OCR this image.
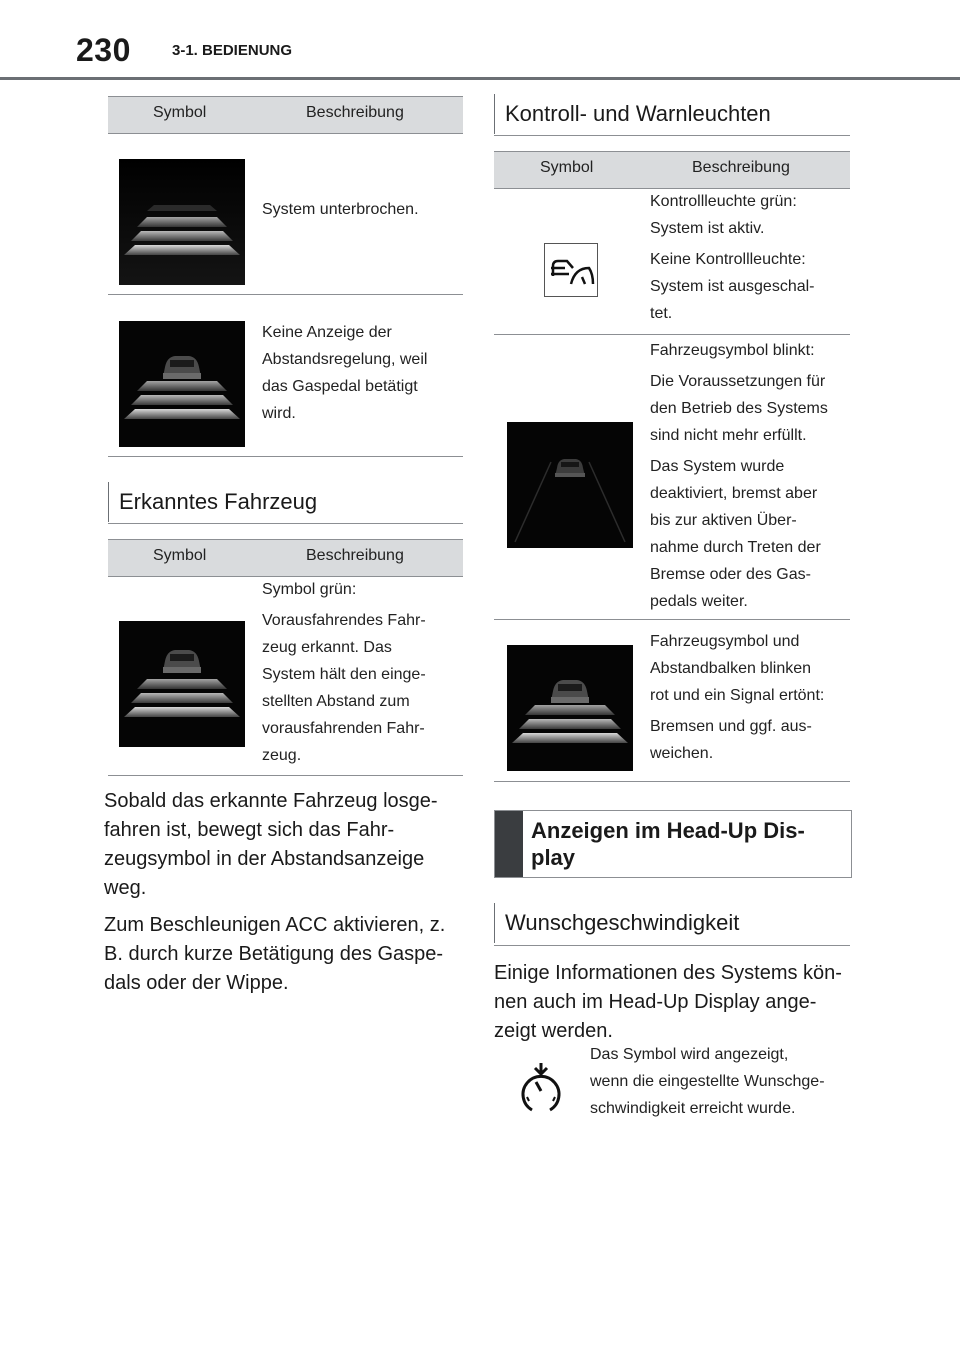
230	3-1. BEDIENUNG
Symbol	Beschreibung

System unterbrochen.

Keine Anzeige der
Abstandsregelung, weil
das Gaspedal betätigt
wird.
Erkanntes Fahrzeug
Symbol	Beschreibung
Symbol grün:
Vorausfahrendes Fahr-
zeug erkannt. Das
System hält den einge-
stellten Abstand zum
vorausfahrenden Fahr-
zeug.

Sobald das erkannte Fahrzeug losge-
fahren ist, bewegt sich das Fahr-
zeugsymbol in der Abstandsanzeige
weg.

Zum Beschleunigen ACC aktivieren, z.
B. durch kurze Betätigung des Gaspe-
dals oder der Wippe.

Kontroll- und Warnleuchten
Symbol	Beschreibung
Kontrollleuchte grün:
System ist aktiv.
Keine Kontrollleuchte:
System ist ausgeschal-
tet.
Fahrzeugsymbol blinkt:
Die Voraussetzungen für
den Betrieb des Systems
sind nicht mehr erfüllt.
Das System wurde
deaktiviert, bremst aber
bis zur aktiven Über-
nahme durch Treten der
Bremse oder des Gas-
pedals weiter.
Fahrzeugsymbol und
Abstandbalken blinken
rot und ein Signal ertönt:
Bremsen und ggf. aus-
weichen.
Anzeigen im Head-Up Dis-
play
Wunschgeschwindigkeit
Einige Informationen des Systems kön-
nen auch im Head-Up Display ange-
zeigt werden.
Das Symbol wird angezeigt,
wenn die eingestellte Wunschge-
schwindigkeit erreicht wurde.
